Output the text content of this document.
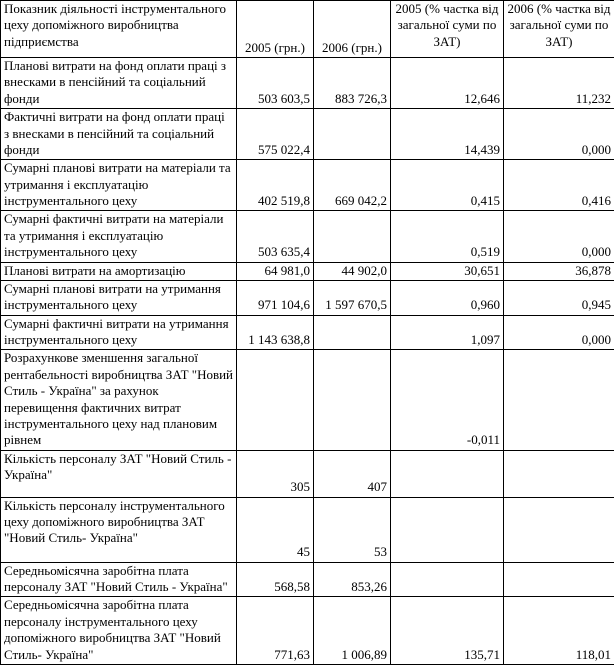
Показник діяльності інструментального цеху допоміжного виробництва підприємства	2005 (грн.)	2006 (грн.)	2005 (% частка від загальної суми по ЗАТ)	2006 (% частка від загальної суми по ЗАТ)
Планові витрати на фонд оплати праці з внесками в пенсійний та соціальний фонди	503 603,5	883 726,3	12,646	11,232
Фактичні витрати на фонд оплати праці з внесками в пенсійний та соціальний фонди	575 022,4		14,439	0,000
Сумарні планові витрати на матеріали та утримання і експлуатацію інструментального цеху	402 519,8	669 042,2	0,415	0,416
Сумарні фактичні витрати на матеріали та утримання і експлуатацію інструментального цеху	503 635,4		0,519	0,000
Планові витрати на амортизацію	64 981,0	44 902,0	30,651	36,878
Сумарні планові витрати на утримання інструментального цеху	971 104,6	1 597 670,5	0,960	0,945
Сумарні фактичні витрати на утримання інструментального цеху	1 143 638,8		1,097	0,000
Розрахункове зменшення загальної рентабельності виробництва ЗАТ "Новий Стиль - Україна" за рахунок перевищення фактичних витрат інструментального цеху над плановим рівнем			-0,011	
Кількість персоналу ЗАТ "Новий Стиль - Україна"	305	407		
Кількість персоналу інструментального цеху допоміжного виробництва ЗАТ "Новий Стиль- Україна"	45	53		
Середньомісячна заробітна плата персоналу ЗАТ "Новий Стиль - Україна"	568,58	853,26		
Середньомісячна заробітна плата персоналу інструментального цеху допоміжного виробництва ЗАТ "Новий Стиль- Україна"	771,63	1 006,89	135,71	118,01
